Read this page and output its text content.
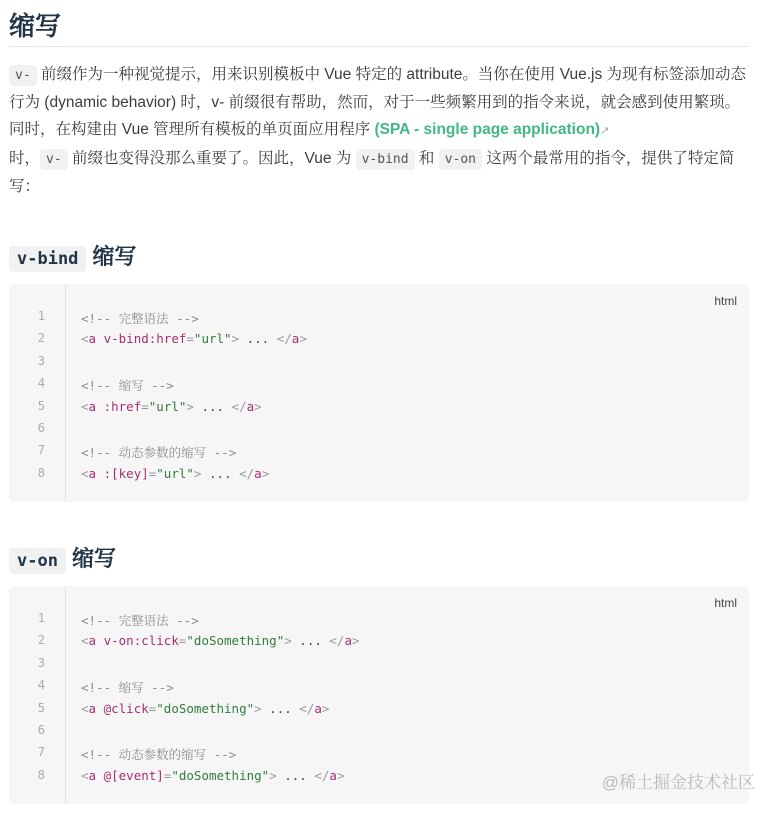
缩写

v- 前缀作为一种视觉提示，用来识别模板中 Vue 特定的 attribute。当你在使用 Vue.js 为现有标签添加动态行为 (dynamic behavior) 时，v- 前缀很有帮助，然而，对于一些频繁用到的指令来说，就会感到使用繁琐。同时，在构建由 Vue 管理所有模板的单页面应用程序 (SPA - single page application)↗
时， v- 前缀也变得没那么重要了。因此，Vue 为 v-bind 和 v-on 这两个最常用的指令，提供了特定简写：

v-bind 缩写
html
1	<!-- 完整语法 -->
2	<a v-bind:href="url"> ... </a>
3
4	<!-- 缩写 -->
5	<a :href="url"> ... </a>
6
7	<!-- 动态参数的缩写 -->
8	<a :[key]="url"> ... </a>
v-on 缩写
html
1	<!-- 完整语法 -->
2	<a v-on:click="doSomething"> ... </a>
3
4	<!-- 缩写 -->
5	<a @click="doSomething"> ... </a>
6
7	<!-- 动态参数的缩写 -->
8	<a @[event]="doSomething"> ... </a>	@稀土掘金技术社区
